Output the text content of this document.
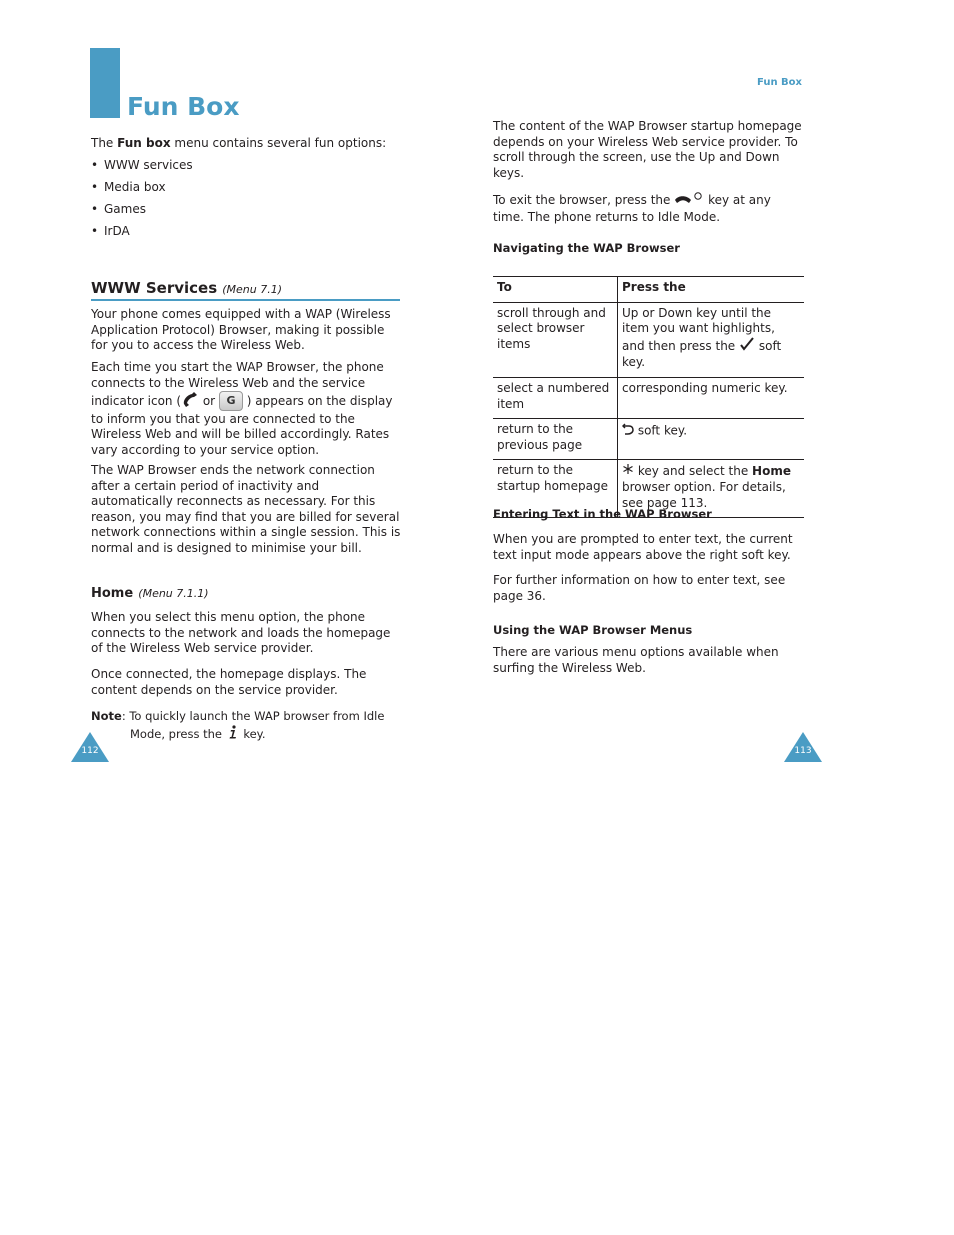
Fun Box
Fun Box

The Fun box menu contains several fun options:

• WWW services
• Media box
• Games
• IrDA
WWW Services (Menu 7.1)

Your phone comes equipped with a WAP (Wireless Application Protocol) Browser, making it possible for you to access the Wireless Web.

Each time you start the WAP Browser, the phone connects to the Wireless Web and the service indicator icon ( or G ) appears on the display to inform you that you are connected to the Wireless Web and will be billed accordingly. Rates vary according to your service option.

The WAP Browser ends the network connection after a certain period of inactivity and automatically reconnects as necessary. For this reason, you may find that you are billed for several network connections within a single session. This is normal and is designed to minimise your bill.

Home (Menu 7.1.1)

When you select this menu option, the phone connects to the network and loads the homepage of the Wireless Web service provider.

Once connected, the homepage displays. The content depends on the service provider.

Note: To quickly launch the WAP browser from Idle
Mode, press the key.
112

The content of the WAP Browser startup homepage depends on your Wireless Web service provider. To scroll through the screen, use the Up and Down keys.

To exit the browser, press the	key at any time. The phone returns to Idle Mode.
Navigating the WAP Browser
To	Press the
scroll through and select browser items	Up or Down key until the item you want highlights, and then press the soft key.
select a numbered item	corresponding numeric key.
return to the previous page	soft key.
return to the startup homepage	key and select the Home browser option. For details, see page 113.
Entering Text in the WAP Browser

When you are prompted to enter text, the current text input mode appears above the right soft key.

For further information on how to enter text, see page 36.

Using the WAP Browser Menus

There are various menu options available when surfing the Wireless Web.

113
